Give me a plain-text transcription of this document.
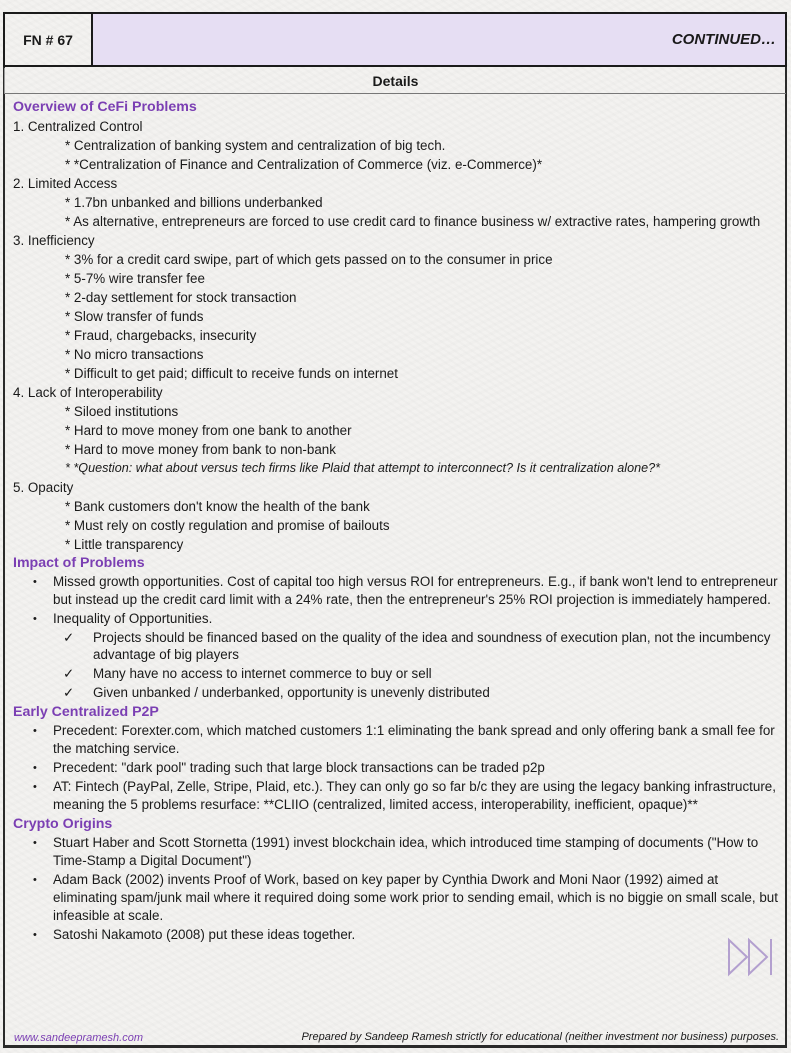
FN # 67	CONTINUED…
Details
Overview of CeFi Problems
1. Centralized Control
* Centralization of banking system and centralization of big tech.
* *Centralization of Finance and Centralization of Commerce (viz. e-Commerce)*
2. Limited Access
* 1.7bn unbanked and billions underbanked
* As alternative, entrepreneurs are forced to use credit card to finance business w/ extractive rates, hampering growth
3. Inefficiency
* 3% for a credit card swipe, part of which gets passed on to the consumer in price
* 5-7% wire transfer fee
* 2-day settlement for stock transaction
* Slow transfer of funds
* Fraud, chargebacks, insecurity
* No micro transactions
* Difficult to get paid; difficult to receive funds on internet
4. Lack of Interoperability
* Siloed institutions
* Hard to move money from one bank to another
* Hard to move money from bank to non-bank
* *Question: what about versus tech firms like Plaid that attempt to interconnect? Is it centralization alone?*
5. Opacity
* Bank customers don't know the health of the bank
* Must rely on costly regulation and promise of bailouts
* Little transparency
Impact of Problems
• Missed growth opportunities. Cost of capital too high versus ROI for entrepreneurs. E.g., if bank won't lend to entrepreneur but instead up the credit card limit with a 24% rate, then the entrepreneur's 25% ROI projection is immediately hampered.
• Inequality of Opportunities.
✓ Projects should be financed based on the quality of the idea and soundness of execution plan, not the incumbency advantage of big players
✓ Many have no access to internet commerce to buy or sell
✓ Given unbanked / underbanked, opportunity is unevenly distributed
Early Centralized P2P
• Precedent: Forexter.com, which matched customers 1:1 eliminating the bank spread and only offering bank a small fee for the matching service.
• Precedent: "dark pool" trading such that large block transactions can be traded p2p
• AT: Fintech (PayPal, Zelle, Stripe, Plaid, etc.). They can only go so far b/c they are using the legacy banking infrastructure, meaning the 5 problems resurface: **CLIIO (centralized, limited access, interoperability, inefficient, opaque)**
Crypto Origins
• Stuart Haber and Scott Stornetta (1991) invest blockchain idea, which introduced time stamping of documents ("How to Time-Stamp a Digital Document")
• Adam Back (2002) invents Proof of Work, based on key paper by Cynthia Dwork and Moni Naor (1992) aimed at eliminating spam/junk mail where it required doing some work prior to sending email, which is no biggie on small scale, but infeasible at scale.
• Satoshi Nakamoto (2008) put these ideas together.
www.sandeepramesh.com	Prepared by Sandeep Ramesh strictly for educational (neither investment nor business) purposes.
